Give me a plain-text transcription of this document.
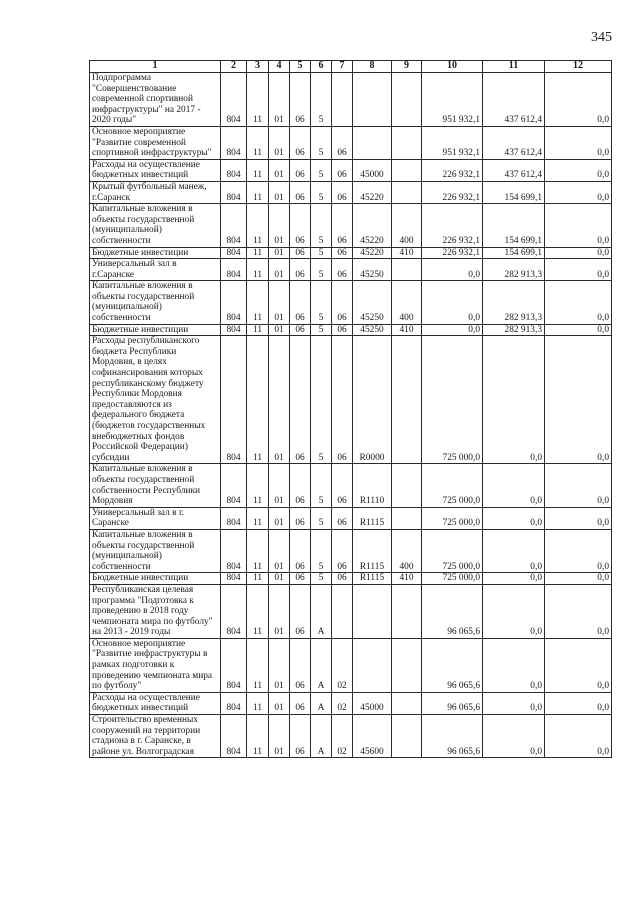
345
1	2	3	4	5	6	7	8	9	10	11	12
Подпрограмма "Совершенствование современной спортивной инфраструктуры" на 2017 - 2020 годы"	804	11	01	06	5				951 932,1	437 612,4	0,0
Основное мероприятие "Развитие современной спортивной инфраструктуры"	804	11	01	06	5	06			951 932,1	437 612,4	0,0
Расходы на осуществление бюджетных инвестиций	804	11	01	06	5	06	45000		226 932,1	437 612,4	0,0
Крытый футбольный манеж, г.Саранск	804	11	01	06	5	06	45220		226 932,1	154 699,1	0,0
Капитальные вложения в объекты государственной (муниципальной) собственности	804	11	01	06	5	06	45220	400	226 932,1	154 699,1	0,0
Бюджетные инвестиции	804	11	01	06	5	06	45220	410	226 932,1	154 699,1	0,0
Универсальный зал в г.Саранске	804	11	01	06	5	06	45250		0,0	282 913,3	0,0
Капитальные вложения в объекты государственной (муниципальной) собственности	804	11	01	06	5	06	45250	400	0,0	282 913,3	0,0
Бюджетные инвестиции	804	11	01	06	5	06	45250	410	0,0	282 913,3	0,0
Расходы республиканского бюджета Республики Мордовия, в целях софинансирования которых республиканскому бюджету Республики Мордовия предоставляются из федерального бюджета (бюджетов государственных внебюджетных фондов Российской Федерации) субсидии	804	11	01	06	5	06	R0000		725 000,0	0,0	0,0
Капитальные вложения в объекты государственной собственности Республики Мордовия	804	11	01	06	5	06	R1110		725 000,0	0,0	0,0
Универсальный зал в г. Саранске	804	11	01	06	5	06	R1115		725 000,0	0,0	0,0
Капитальные вложения в объекты государственной (муниципальной) собственности	804	11	01	06	5	06	R1115	400	725 000,0	0,0	0,0
Бюджетные инвестиции	804	11	01	06	5	06	R1115	410	725 000,0	0,0	0,0
Республиканская целевая программа "Подготовка к проведению в 2018 году чемпионата мира по футболу" на 2013 - 2019 годы	804	11	01	06	А				96 065,6	0,0	0,0
Основное мероприятие "Развитие инфраструктуры в рамках подготовки к проведению чемпионата мира по футболу"	804	11	01	06	А	02			96 065,6	0,0	0,0
Расходы на осуществление бюджетных инвестиций	804	11	01	06	А	02	45000		96 065,6	0,0	0,0
Строительство временных сооружений на территории стадиона в г. Саранске, в районе ул. Волгоградская	804	11	01	06	А	02	45600		96 065,6	0,0	0,0
